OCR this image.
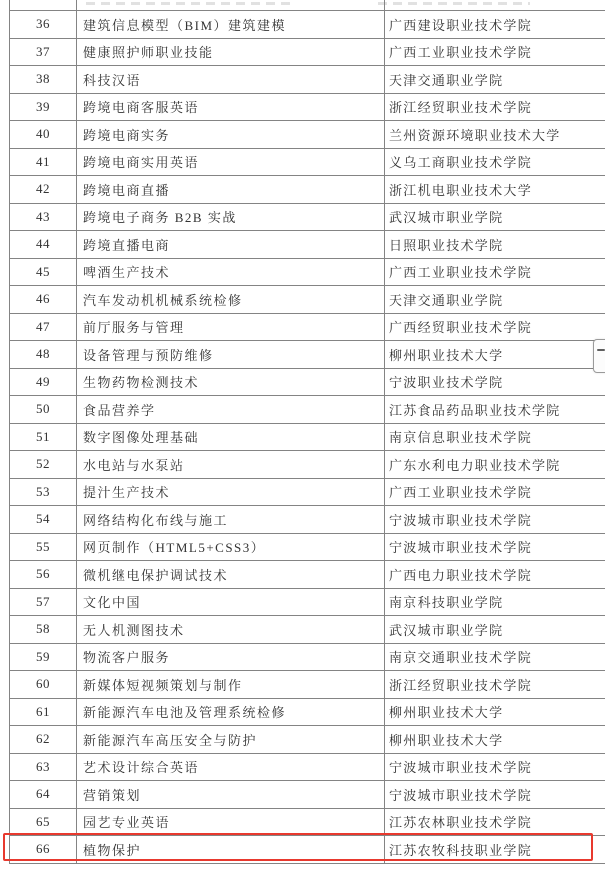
36	建筑信息模型（BIM）建筑建模	广西建设职业技术学院
37	健康照护师职业技能	广西工业职业技术学院
38	科技汉语	天津交通职业学院
39	跨境电商客服英语	浙江经贸职业技术学院
40	跨境电商实务	兰州资源环境职业技术大学
41	跨境电商实用英语	义乌工商职业技术学院
42	跨境电商直播	浙江机电职业技术大学
43	跨境电子商务 B2B 实战	武汉城市职业学院
44	跨境直播电商	日照职业技术学院
45	啤酒生产技术	广西工业职业技术学院
46	汽车发动机机械系统检修	天津交通职业学院
47	前厅服务与管理	广西经贸职业技术学院
48	设备管理与预防维修	柳州职业技术大学
49	生物药物检测技术	宁波职业技术学院
50	食品营养学	江苏食品药品职业技术学院
51	数字图像处理基础	南京信息职业技术学院
52	水电站与水泵站	广东水利电力职业技术学院
53	提汁生产技术	广西工业职业技术学院
54	网络结构化布线与施工	宁波城市职业技术学院
55	网页制作（HTML5+CSS3）	宁波城市职业技术学院
56	微机继电保护调试技术	广西电力职业技术学院
57	文化中国	南京科技职业学院
58	无人机测图技术	武汉城市职业学院
59	物流客户服务	南京交通职业技术学院
60	新媒体短视频策划与制作	浙江经贸职业技术学院
61	新能源汽车电池及管理系统检修	柳州职业技术大学
62	新能源汽车高压安全与防护	柳州职业技术大学
63	艺术设计综合英语	宁波城市职业技术学院
64	营销策划	宁波城市职业技术学院
65	园艺专业英语	江苏农林职业技术学院
66	植物保护	江苏农牧科技职业学院
